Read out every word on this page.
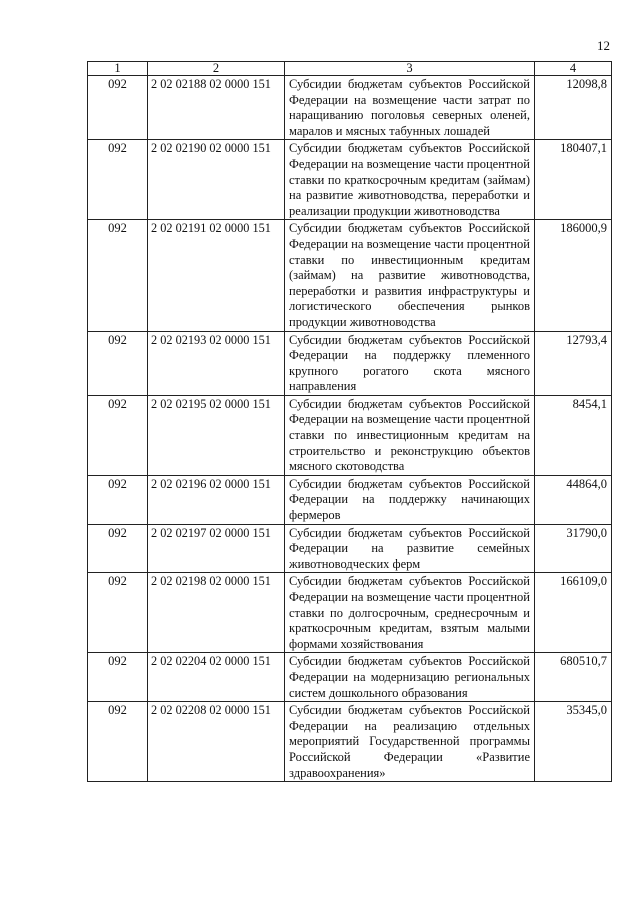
12
1	2	3	4
092	2 02 02188 02 0000 151	Субсидии бюджетам субъектов Российской Федерации на возмещение части затрат по наращиванию поголовья северных оленей, маралов и мясных табунных лошадей	12098,8
092	2 02 02190 02 0000 151	Субсидии бюджетам субъектов Российской Федерации на возмещение части процентной ставки по краткосрочным кредитам (займам) на развитие животноводства, переработки и реализации продукции животноводства	180407,1
092	2 02 02191 02 0000 151	Субсидии бюджетам субъектов Российской Федерации на возмещение части процентной ставки по инвестиционным кредитам (займам) на развитие животноводства, переработки и развития инфраструктуры и логистического обеспечения рынков продукции животноводства	186000,9
092	2 02 02193 02 0000 151	Субсидии бюджетам субъектов Российской Федерации на поддержку племенного крупного рогатого скота мясного направления	12793,4
092	2 02 02195 02 0000 151	Субсидии бюджетам субъектов Российской Федерации на возмещение части процентной ставки по инвестиционным кредитам на строительство и реконструкцию объектов мясного скотоводства	8454,1
092	2 02 02196 02 0000 151	Субсидии бюджетам субъектов Российской Федерации на поддержку начинающих фермеров	44864,0
092	2 02 02197 02 0000 151	Субсидии бюджетам субъектов Российской Федерации на развитие семейных животноводческих ферм	31790,0
092	2 02 02198 02 0000 151	Субсидии бюджетам субъектов Российской Федерации на возмещение части процентной ставки по долгосрочным, среднесрочным и краткосрочным кредитам, взятым малыми формами хозяйствования	166109,0
092	2 02 02204 02 0000 151	Субсидии бюджетам субъектов Российской Федерации на модернизацию региональных систем дошкольного образования	680510,7
092	2 02 02208 02 0000 151	Субсидии бюджетам субъектов Российской Федерации на реализацию отдельных мероприятий Государственной программы Российской Федерации «Развитие здравоохранения»	35345,0
